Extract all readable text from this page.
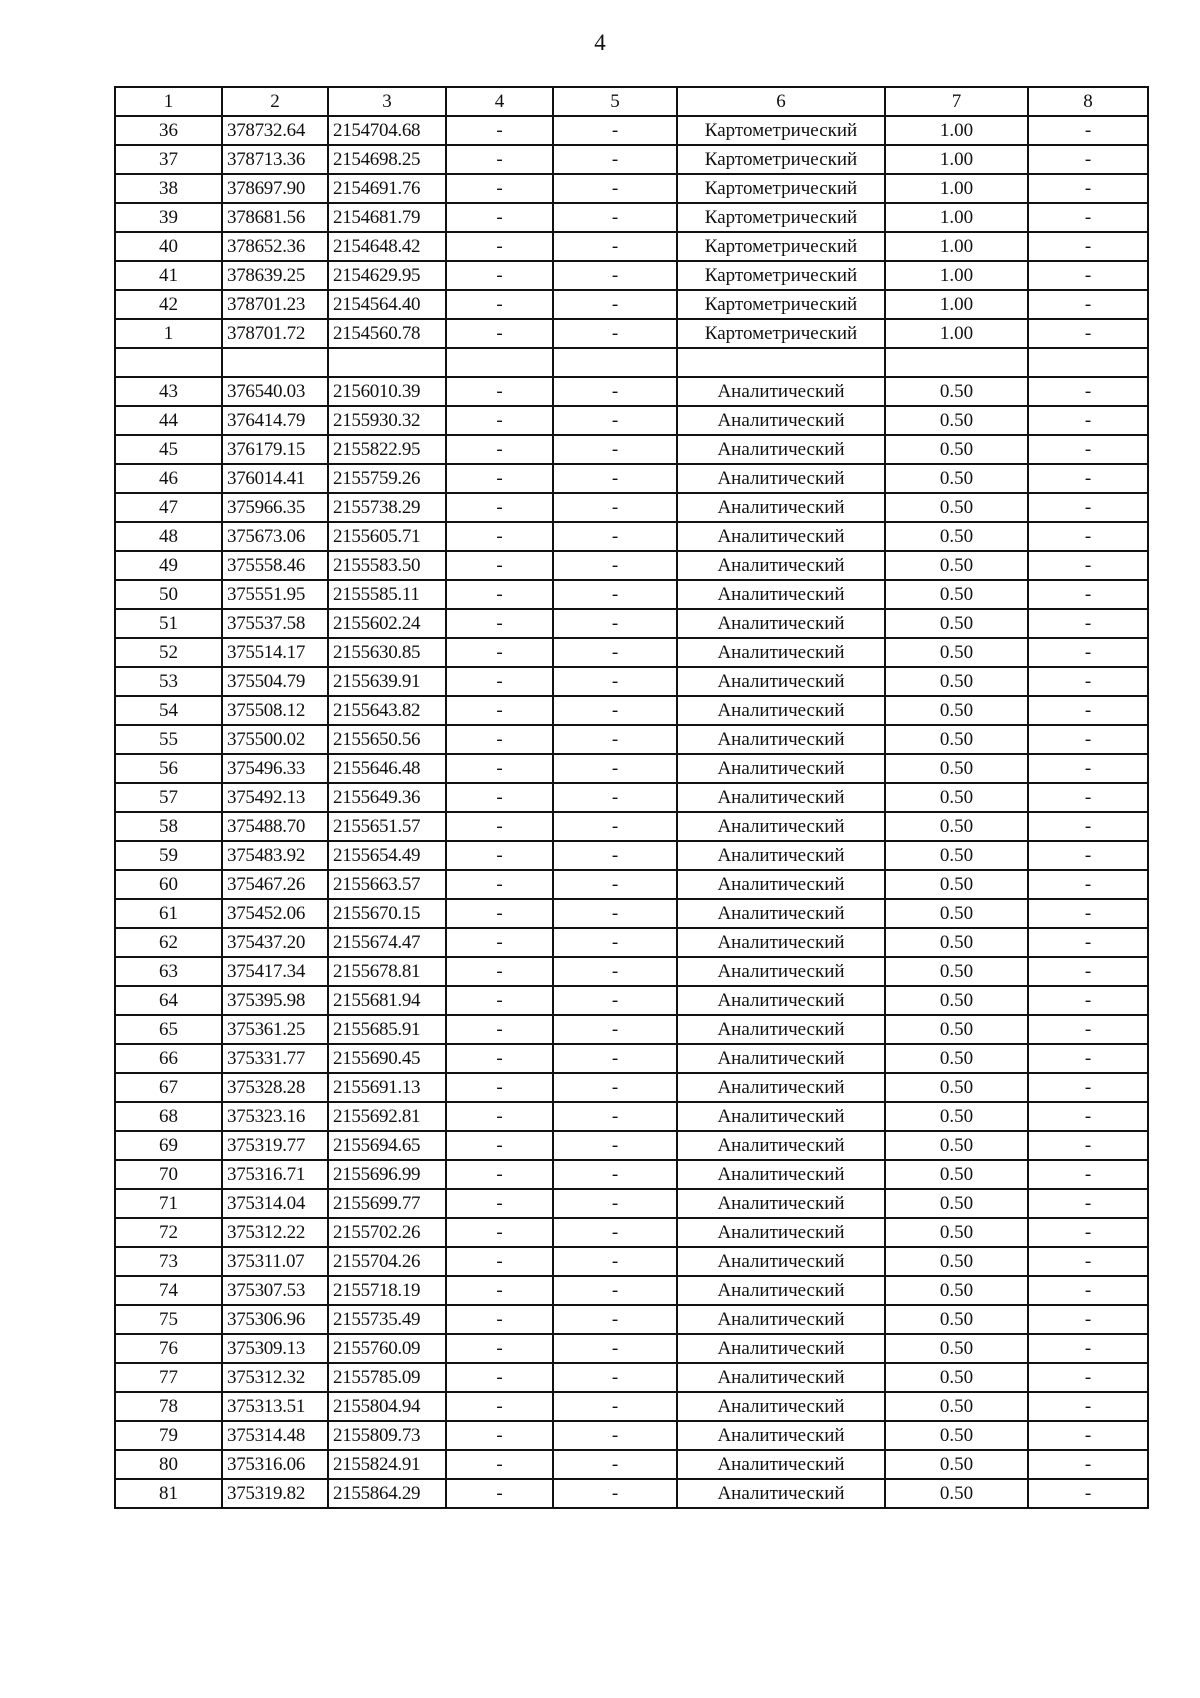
4
1	2	3	4	5	6	7	8
36	378732.64	2154704.68	-	-	Картометрический	1.00	-
37	378713.36	2154698.25	-	-	Картометрический	1.00	-
38	378697.90	2154691.76	-	-	Картометрический	1.00	-
39	378681.56	2154681.79	-	-	Картометрический	1.00	-
40	378652.36	2154648.42	-	-	Картометрический	1.00	-
41	378639.25	2154629.95	-	-	Картометрический	1.00	-
42	378701.23	2154564.40	-	-	Картометрический	1.00	-
1	378701.72	2154560.78	-	-	Картометрический	1.00	-

43	376540.03	2156010.39	-	-	Аналитический	0.50	-
44	376414.79	2155930.32	-	-	Аналитический	0.50	-
45	376179.15	2155822.95	-	-	Аналитический	0.50	-
46	376014.41	2155759.26	-	-	Аналитический	0.50	-
47	375966.35	2155738.29	-	-	Аналитический	0.50	-
48	375673.06	2155605.71	-	-	Аналитический	0.50	-
49	375558.46	2155583.50	-	-	Аналитический	0.50	-
50	375551.95	2155585.11	-	-	Аналитический	0.50	-
51	375537.58	2155602.24	-	-	Аналитический	0.50	-
52	375514.17	2155630.85	-	-	Аналитический	0.50	-
53	375504.79	2155639.91	-	-	Аналитический	0.50	-
54	375508.12	2155643.82	-	-	Аналитический	0.50	-
55	375500.02	2155650.56	-	-	Аналитический	0.50	-
56	375496.33	2155646.48	-	-	Аналитический	0.50	-
57	375492.13	2155649.36	-	-	Аналитический	0.50	-
58	375488.70	2155651.57	-	-	Аналитический	0.50	-
59	375483.92	2155654.49	-	-	Аналитический	0.50	-
60	375467.26	2155663.57	-	-	Аналитический	0.50	-
61	375452.06	2155670.15	-	-	Аналитический	0.50	-
62	375437.20	2155674.47	-	-	Аналитический	0.50	-
63	375417.34	2155678.81	-	-	Аналитический	0.50	-
64	375395.98	2155681.94	-	-	Аналитический	0.50	-
65	375361.25	2155685.91	-	-	Аналитический	0.50	-
66	375331.77	2155690.45	-	-	Аналитический	0.50	-
67	375328.28	2155691.13	-	-	Аналитический	0.50	-
68	375323.16	2155692.81	-	-	Аналитический	0.50	-
69	375319.77	2155694.65	-	-	Аналитический	0.50	-
70	375316.71	2155696.99	-	-	Аналитический	0.50	-
71	375314.04	2155699.77	-	-	Аналитический	0.50	-
72	375312.22	2155702.26	-	-	Аналитический	0.50	-
73	375311.07	2155704.26	-	-	Аналитический	0.50	-
74	375307.53	2155718.19	-	-	Аналитический	0.50	-
75	375306.96	2155735.49	-	-	Аналитический	0.50	-
76	375309.13	2155760.09	-	-	Аналитический	0.50	-
77	375312.32	2155785.09	-	-	Аналитический	0.50	-
78	375313.51	2155804.94	-	-	Аналитический	0.50	-
79	375314.48	2155809.73	-	-	Аналитический	0.50	-
80	375316.06	2155824.91	-	-	Аналитический	0.50	-
81	375319.82	2155864.29	-	-	Аналитический	0.50	-
